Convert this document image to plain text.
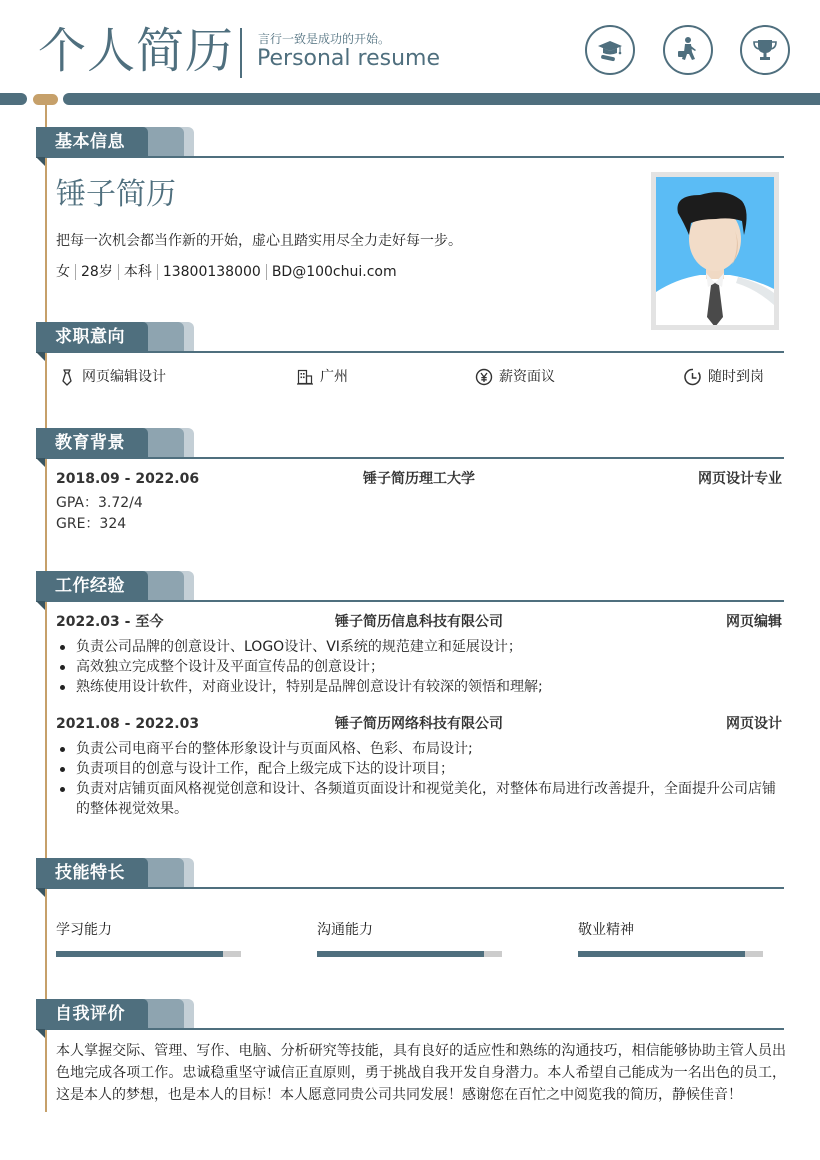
个人简历 言行一致是成功的开始。
Personal resume
基本信息
锤子简历
把每一次机会都当作新的开始，虚心且踏实用尽全力走好每一步。
女 28岁 本科 13800138000 BD@100chui.com
求职意向
网页编辑设计	广州	薪资面议	随时到岗
教育背景
2018.09 - 2022.06	锤子简历理工大学	网页设计专业
GPA：3.72/4
GRE：324
工作经验
2022.03 - 至今	锤子简历信息科技有限公司	网页编辑
负责公司品牌的创意设计、LOGO设计、VI系统的规范建立和延展设计；
高效独立完成整个设计及平面宣传品的创意设计；
熟练使用设计软件，对商业设计，特别是品牌创意设计有较深的领悟和理解;
2021.08 - 2022.03	锤子简历网络科技有限公司	网页设计
负责公司电商平台的整体形象设计与页面风格、色彩、布局设计;
负责项目的创意与设计工作，配合上级完成下达的设计项目；
负责对店铺页面风格视觉创意和设计、各频道页面设计和视觉美化，对整体布局进行改善提升，全面提升公司店铺的整体视觉效果。
技能特长
学习能力	沟通能力	敬业精神
自我评价
本人掌握交际、管理、写作、电脑、分析研究等技能，具有良好的适应性和熟练的沟通技巧，相信能够协助主管人员出色地完成各项工作。忠诚稳重坚守诚信正直原则，勇于挑战自我开发自身潜力。本人希望自己能成为一名出色的员工，这是本人的梦想，也是本人的目标！本人愿意同贵公司共同发展！感谢您在百忙之中阅览我的简历，静候佳音！
